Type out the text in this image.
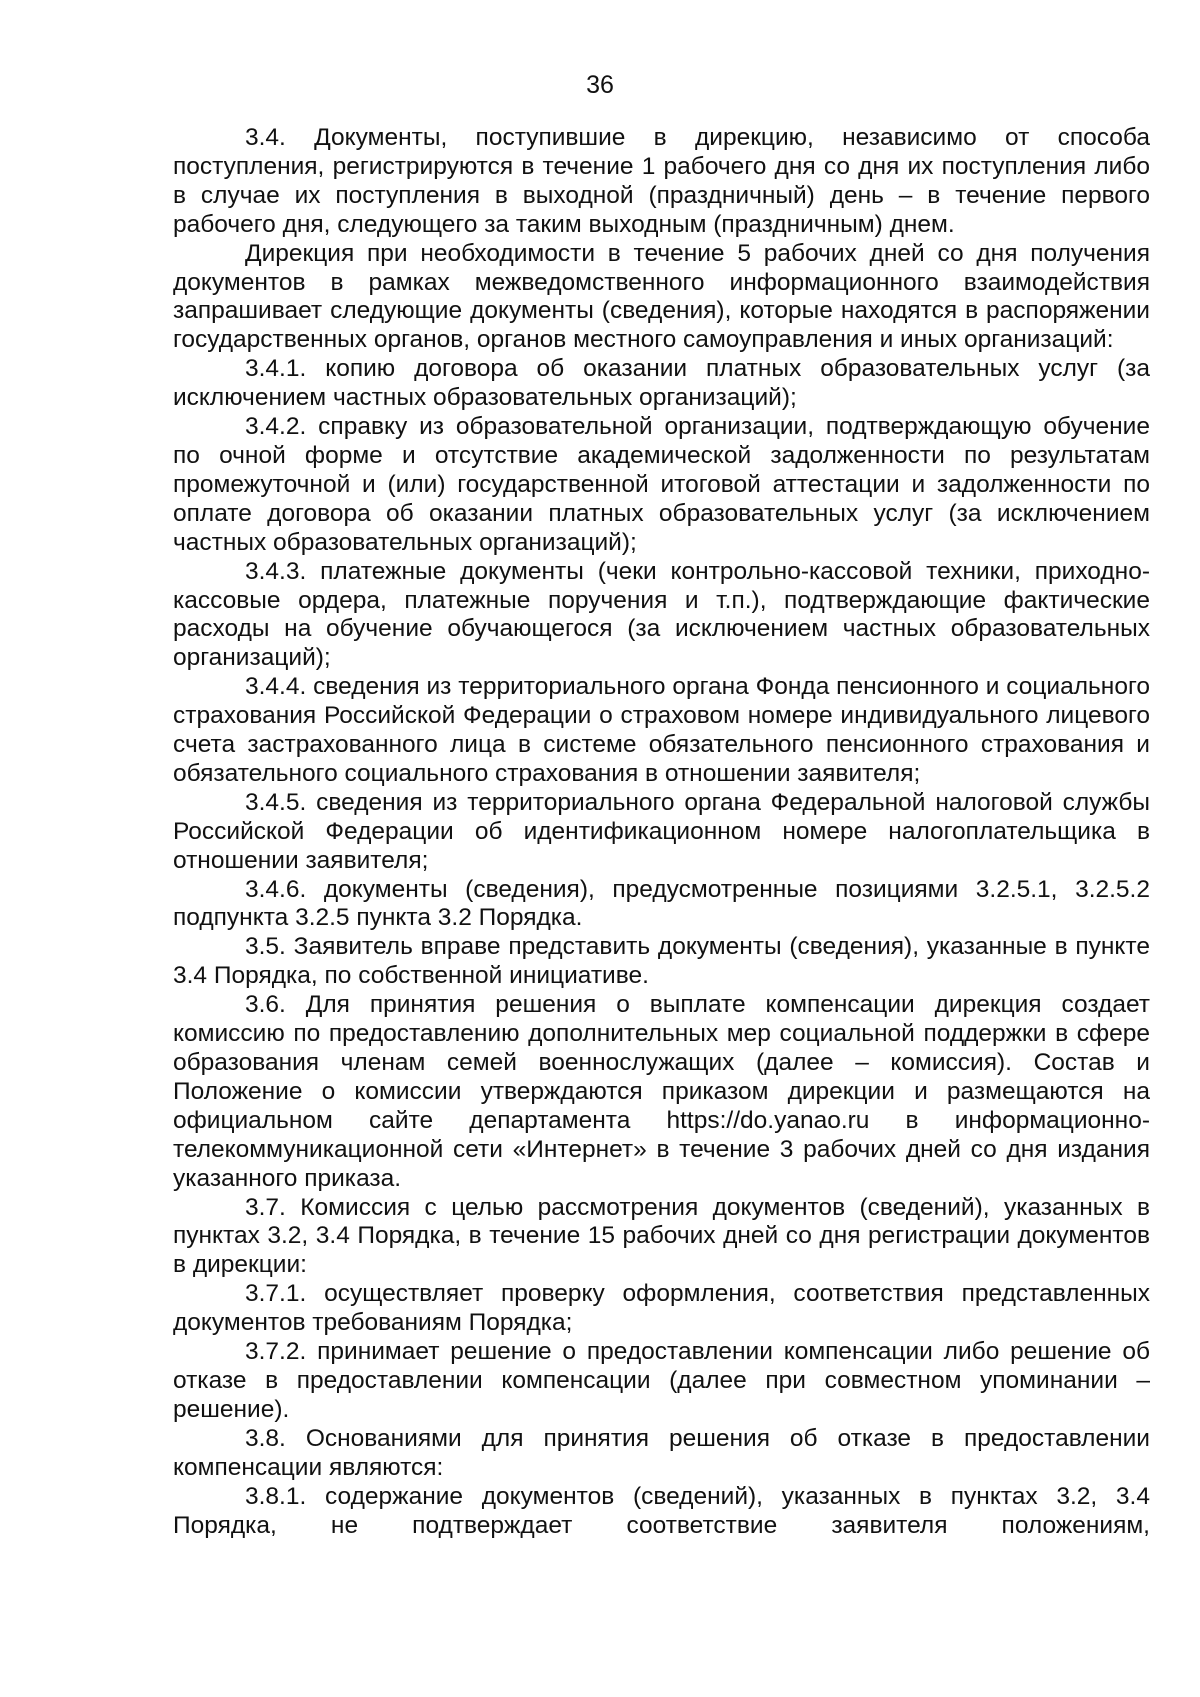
36

3.4. Документы, поступившие в дирекцию, независимо от способа поступления, регистрируются в течение 1 рабочего дня со дня их поступления либо в случае их поступления в выходной (праздничный) день – в течение первого рабочего дня, следующего за таким выходным (праздничным) днем.

Дирекция при необходимости в течение 5 рабочих дней со дня получения документов в рамках межведомственного информационного взаимодействия запрашивает следующие документы (сведения), которые находятся в распоряжении государственных органов, органов местного самоуправления и иных организаций:

3.4.1. копию договора об оказании платных образовательных услуг (за исключением частных образовательных организаций);

3.4.2. справку из образовательной организации, подтверждающую обучение по очной форме и отсутствие академической задолженности по результатам промежуточной и (или) государственной итоговой аттестации и задолженности по оплате договора об оказании платных образовательных услуг (за исключением частных образовательных организаций);

3.4.3. платежные документы (чеки контрольно-кассовой техники, приходно-кассовые ордера, платежные поручения и т.п.), подтверждающие фактические расходы на обучение обучающегося (за исключением частных образовательных организаций);

3.4.4. сведения из территориального органа Фонда пенсионного и социального страхования Российской Федерации о страховом номере индивидуального лицевого счета застрахованного лица в системе обязательного пенсионного страхования и обязательного социального страхования в отношении заявителя;

3.4.5. сведения из территориального органа Федеральной налоговой службы Российской Федерации об идентификационном номере налогоплательщика в отношении заявителя;

3.4.6. документы (сведения), предусмотренные позициями 3.2.5.1, 3.2.5.2 подпункта 3.2.5 пункта 3.2 Порядка.

3.5. Заявитель вправе представить документы (сведения), указанные в пункте 3.4 Порядка, по собственной инициативе.

3.6. Для принятия решения о выплате компенсации дирекция создает комиссию по предоставлению дополнительных мер социальной поддержки в сфере образования членам семей военнослужащих (далее – комиссия). Состав и Положение о комиссии утверждаются приказом дирекции и размещаются на официальном сайте департамента https://do.yanao.ru в информационно-телекоммуникационной сети «Интернет» в течение 3 рабочих дней со дня издания указанного приказа.

3.7. Комиссия с целью рассмотрения документов (сведений), указанных в пунктах 3.2, 3.4 Порядка, в течение 15 рабочих дней со дня регистрации документов в дирекции:

3.7.1. осуществляет проверку оформления, соответствия представленных документов требованиям Порядка;

3.7.2. принимает решение о предоставлении компенсации либо решение об отказе в предоставлении компенсации (далее при совместном упоминании – решение).

3.8. Основаниями для принятия решения об отказе в предоставлении компенсации являются:

3.8.1. содержание документов (сведений), указанных в пунктах 3.2, 3.4 Порядка, не подтверждает соответствие заявителя положениям,
